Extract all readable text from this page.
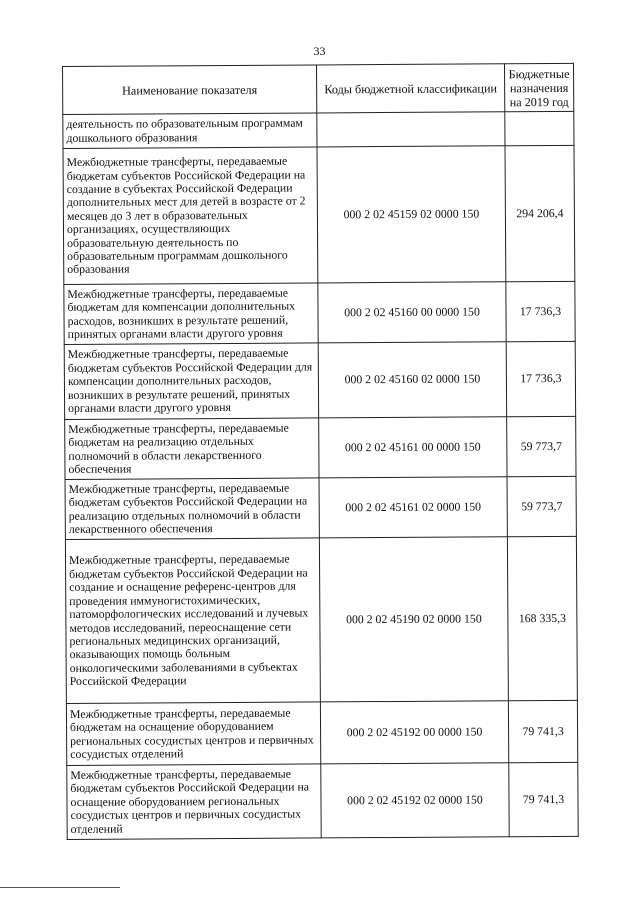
33
Наименование показателя	Коды бюджетной классификации	Бюджетные назначения на 2019 год
деятельность по образовательным программам дошкольного образования		
Межбюджетные трансферты, передаваемые бюджетам субъектов Российской Федерации на создание в субъектах Российской Федерации дополнительных мест для детей в возрасте от 2 месяцев до 3 лет в образовательных организациях, осуществляющих образовательную деятельность по образовательным программам дошкольного образования	000 2 02 45159 02 0000 150	294 206,4
Межбюджетные трансферты, передаваемые бюджетам для компенсации дополнительных расходов, возникших в результате решений, принятых органами власти другого уровня	000 2 02 45160 00 0000 150	17 736,3
Межбюджетные трансферты, передаваемые бюджетам субъектов Российской Федерации для компенсации дополнительных расходов, возникших в результате решений, принятых органами власти другого уровня	000 2 02 45160 02 0000 150	17 736,3
Межбюджетные трансферты, передаваемые бюджетам на реализацию отдельных полномочий в области лекарственного обеспечения	000 2 02 45161 00 0000 150	59 773,7
Межбюджетные трансферты, передаваемые бюджетам субъектов Российской Федерации на реализацию отдельных полномочий в области лекарственного обеспечения	000 2 02 45161 02 0000 150	59 773,7
Межбюджетные трансферты, передаваемые бюджетам субъектов Российской Федерации на создание и оснащение референс-центров для проведения иммуногистохимических, патоморфологических исследований и лучевых методов исследований, переоснащение сети региональных медицинских организаций, оказывающих помощь больным онкологическими заболеваниями в субъектах Российской Федерации	000 2 02 45190 02 0000 150	168 335,3
Межбюджетные трансферты, передаваемые бюджетам на оснащение оборудованием региональных сосудистых центров и первичных сосудистых отделений	000 2 02 45192 00 0000 150	79 741,3
Межбюджетные трансферты, передаваемые бюджетам субъектов Российской Федерации на оснащение оборудованием региональных сосудистых центров и первичных сосудистых отделений	000 2 02 45192 02 0000 150	79 741,3
